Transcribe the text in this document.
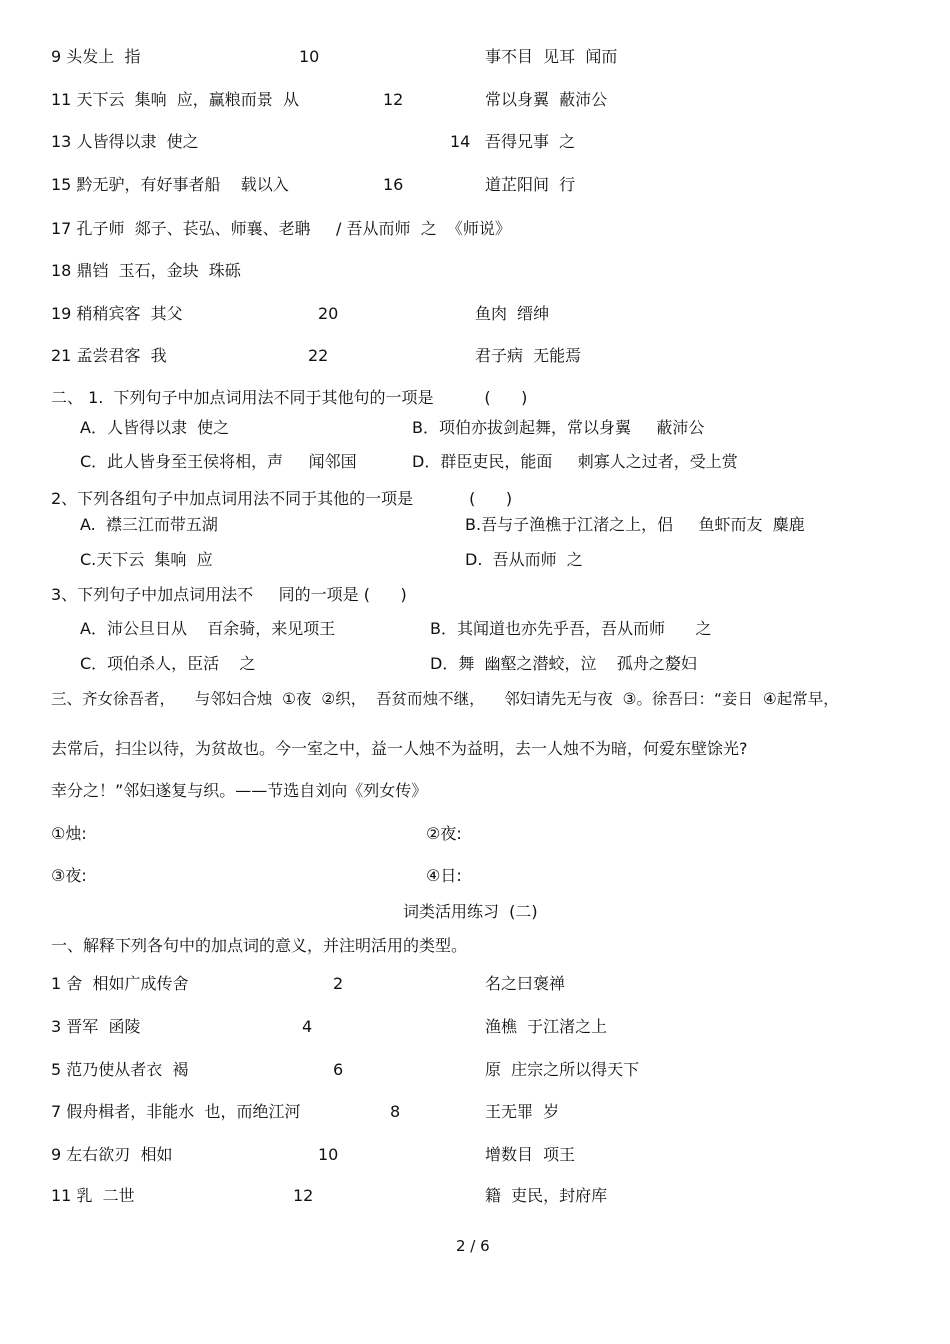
9 头发上  指	10	事不目  见耳  闻而
11 天下云  集响  应，赢粮而景  从	12	常以身翼  蔽沛公
13 人皆得以隶  使之	14 吾得兄事  之
15 黔无驴，有好事者船    载以入	16	道芷阳间  行
17 孔子师  郯子、苌弘、师襄、老聃     / 吾从而师  之  《师说》
18 鼎铛  玉石，金块  珠砾
19 稍稍宾客  其父	20	鱼肉  缙绅
21 孟尝君客  我	22	君子病  无能焉
二、 1.  下列句子中加点词用法不同于其他句的一项是          (      )
A．人皆得以隶  使之	B．项伯亦拔剑起舞，常以身翼     蔽沛公
C．此人皆身至王侯将相，声     闻邻国	D．群臣吏民，能面     刺寡人之过者，受上赏
2、下列各组句子中加点词用法不同于其他的一项是           (      )
A.  襟三江而带五湖	B.吾与子渔樵于江渚之上，侣     鱼虾而友  麋鹿
C.天下云  集响  应	D.  吾从而师  之
3、下列句子中加点词用法不     同的一项是 (      )
A．沛公旦日从    百余骑，来见项王	B．其闻道也亦先乎吾，吾从而师      之
C．项伯杀人，臣活    之	D．舞  幽壑之潜蛟，泣    孤舟之嫠妇
三、齐女徐吾者，    与邻妇合烛  ①夜  ②织，  吾贫而烛不继，    邻妇请先无与夜  ③。徐吾曰：“妾日  ④起常早，
去常后，扫尘以待，为贫故也。今一室之中，益一人烛不为益明，去一人烛不为暗，何爱东壁馀光?
幸分之！”邻妇遂复与织。——节选自刘向《列女传》
①烛:	②夜:
③夜:	④日:
词类活用练习  (二)
一、解释下列各句中的加点词的意义，并注明活用的类型。
1 舍  相如广成传舍	2	名之曰褒禅
3 晋军  函陵	4	渔樵  于江渚之上
5 范乃使从者衣  褐	6	原  庄宗之所以得天下
7 假舟楫者，非能水  也，而绝江河	8	王无罪  岁
9 左右欲刃  相如	10	增数目  项王
11 乳  二世	12	籍  吏民，封府库
2 / 6
